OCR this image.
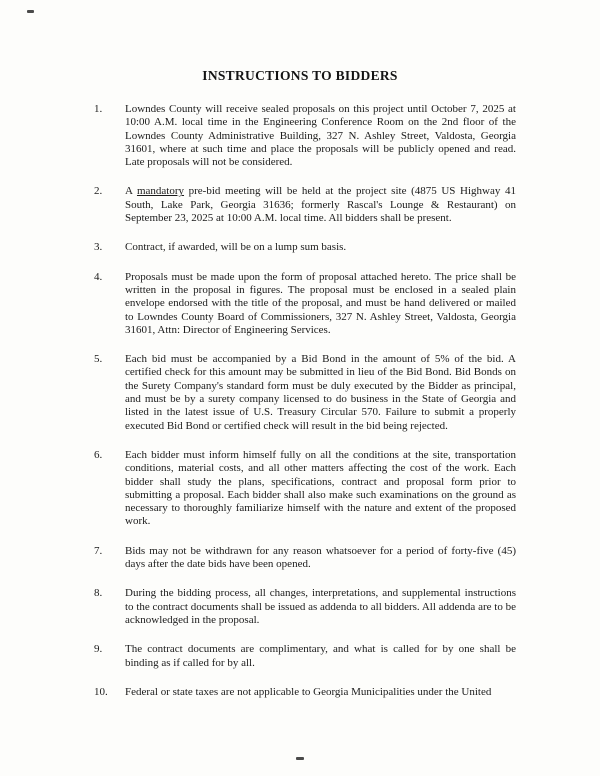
INSTRUCTIONS TO BIDDERS
1.	Lowndes County will receive sealed proposals on this project until October 7, 2025 at 10:00 A.M. local time in the Engineering Conference Room on the 2nd floor of the Lowndes County Administrative Building, 327 N. Ashley Street, Valdosta, Georgia 31601, where at such time and place the proposals will be publicly opened and read. Late proposals will not be considered.

2.	A mandatory pre-bid meeting will be held at the project site (4875 US Highway 41 South, Lake Park, Georgia 31636; formerly Rascal's Lounge & Restaurant) on September 23, 2025 at 10:00 A.M. local time. All bidders shall be present.

3.	Contract, if awarded, will be on a lump sum basis.

4.	Proposals must be made upon the form of proposal attached hereto. The price shall be written in the proposal in figures. The proposal must be enclosed in a sealed plain envelope endorsed with the title of the proposal, and must be hand delivered or mailed to Lowndes County Board of Commissioners, 327 N. Ashley Street, Valdosta, Georgia 31601, Attn: Director of Engineering Services.

5.	Each bid must be accompanied by a Bid Bond in the amount of 5% of the bid. A certified check for this amount may be submitted in lieu of the Bid Bond. Bid Bonds on the Surety Company's standard form must be duly executed by the Bidder as principal, and must be by a surety company licensed to do business in the State of Georgia and listed in the latest issue of U.S. Treasury Circular 570. Failure to submit a properly executed Bid Bond or certified check will result in the bid being rejected.

6.	Each bidder must inform himself fully on all the conditions at the site, transportation conditions, material costs, and all other matters affecting the cost of the work. Each bidder shall study the plans, specifications, contract and proposal form prior to submitting a proposal. Each bidder shall also make such examinations on the ground as necessary to thoroughly familiarize himself with the nature and extent of the proposed work.

7.	Bids may not be withdrawn for any reason whatsoever for a period of forty-five (45) days after the date bids have been opened.

8.	During the bidding process, all changes, interpretations, and supplemental instructions to the contract documents shall be issued as addenda to all bidders. All addenda are to be acknowledged in the proposal.

9.	The contract documents are complimentary, and what is called for by one shall be binding as if called for by all.

10.	Federal or state taxes are not applicable to Georgia Municipalities under the United
